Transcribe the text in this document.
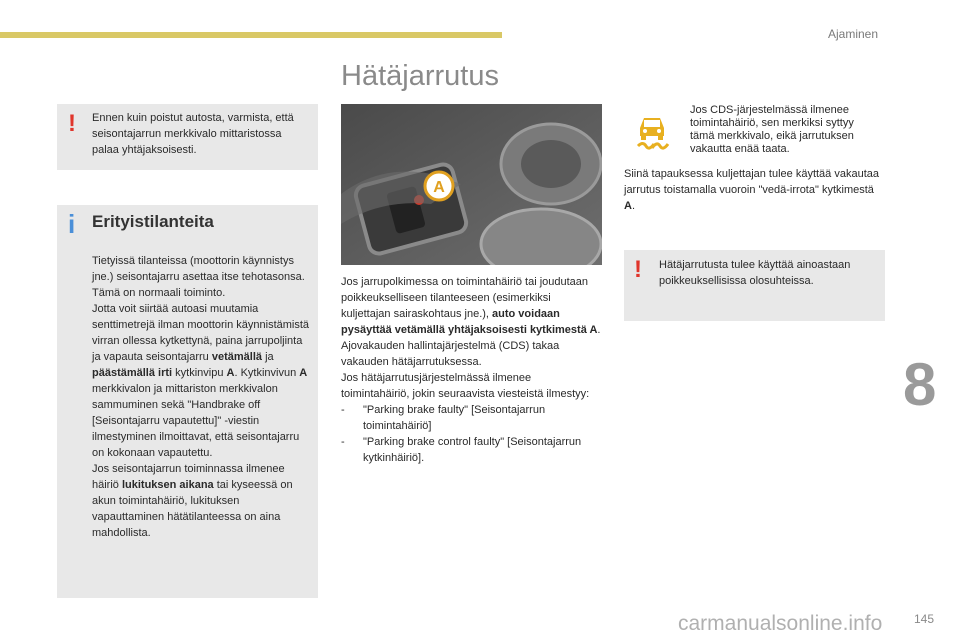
Ajaminen
Hätäjarrutus
! Ennen kuin poistut autosta, varmista, että seisontajarrun merkkivalo mittaristossa palaa yhtäjaksoisesti.
i Erityistilanteita

Tietyissä tilanteissa (moottorin käynnistys jne.) seisontajarru asettaa itse tehotasonsa. Tämä on normaali toiminto.

Jotta voit siirtää autoasi muutamia senttimetrejä ilman moottorin käynnistämistä virran ollessa kytkettynä, paina jarrupoljinta ja vapauta seisontajarru vetämällä ja päästämällä irti kytkinvipu A. Kytkinvivun A merkkivalon ja mittariston merkkivalon sammuminen sekä "Handbrake off [Seisontajarru vapautettu]" -viestin ilmestyminen ilmoittavat, että seisontajarru on kokonaan vapautettu.

Jos seisontajarrun toiminnassa ilmenee häiriö lukituksen aikana tai kyseessä on akun toimintahäiriö, lukituksen vapauttaminen hätätilanteessa on aina mahdollista.

A

Jos jarrupolkimessa on toimintahäiriö tai joudutaan poikkeukselliseen tilanteeseen (esimerkiksi kuljettajan sairaskohtaus jne.), auto voidaan pysäyttää vetämällä yhtäjaksoisesti kytkimestä A.

Ajovakauden hallintajärjestelmä (CDS) takaa vakauden hätäjarrutuksessa.

Jos hätäjarrutusjärjestelmässä ilmenee toimintahäiriö, jokin seuraavista viesteistä ilmestyy:

-	"Parking brake faulty" [Seisontajarrun toimintahäiriö]
-	"Parking brake control faulty" [Seisontajarrun kytkinhäiriö].
Jos CDS-järjestelmässä ilmenee toimintahäiriö, sen merkiksi syttyy tämä merkkivalo, eikä jarrutuksen vakautta enää taata.
Siinä tapauksessa kuljettajan tulee käyttää vakautaa jarrutus toistamalla vuoroin "vedä-irrota" kytkimestä A.
! Hätäjarrutusta tulee käyttää ainoastaan poikkeuksellisissa olosuhteissa.
8
carmanualsonline.info	145
